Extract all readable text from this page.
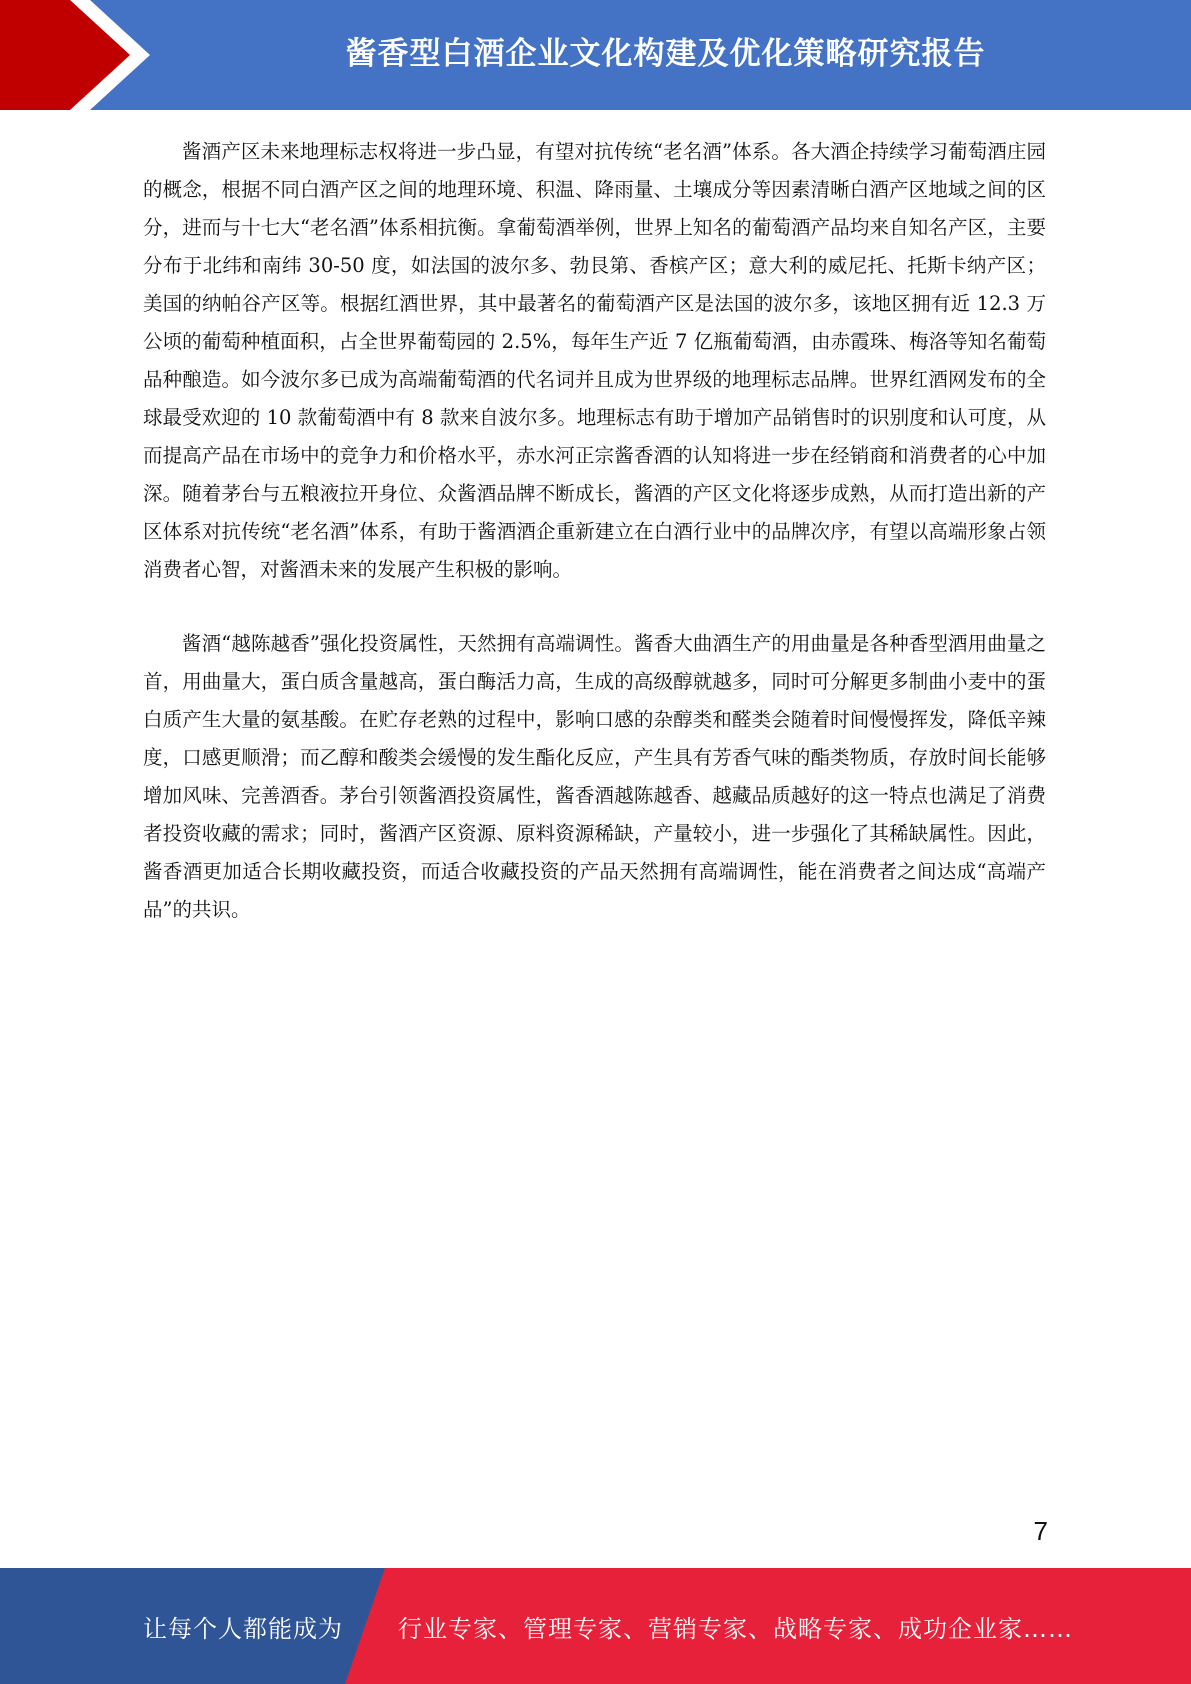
酱香型白酒企业文化构建及优化策略研究报告

酱酒产区未来地理标志权将进一步凸显，有望对抗传统“老名酒”体系。各大酒企持续学习葡萄酒庄园的概念，根据不同白酒产区之间的地理环境、积温、降雨量、土壤成分等因素清晰白酒产区地域之间的区分，进而与十七大“老名酒”体系相抗衡。拿葡萄酒举例，世界上知名的葡萄酒产品均来自知名产区，主要分布于北纬和南纬 30-50 度，如法国的波尔多、勃艮第、香槟产区；意大利的威尼托、托斯卡纳产区；美国的纳帕谷产区等。根据红酒世界，其中最著名的葡萄酒产区是法国的波尔多，该地区拥有近 12.3 万公顷的葡萄种植面积，占全世界葡萄园的 2.5%，每年生产近 7 亿瓶葡萄酒，由赤霞珠、梅洛等知名葡萄品种酿造。如今波尔多已成为高端葡萄酒的代名词并且成为世界级的地理标志品牌。世界红酒网发布的全球最受欢迎的 10 款葡萄酒中有 8 款来自波尔多。地理标志有助于增加产品销售时的识别度和认可度，从而提高产品在市场中的竞争力和价格水平，赤水河正宗酱香酒的认知将进一步在经销商和消费者的心中加深。随着茅台与五粮液拉开身位、众酱酒品牌不断成长，酱酒的产区文化将逐步成熟，从而打造出新的产区体系对抗传统“老名酒”体系，有助于酱酒酒企重新建立在白酒行业中的品牌次序，有望以高端形象占领消费者心智，对酱酒未来的发展产生积极的影响。

酱酒“越陈越香”强化投资属性，天然拥有高端调性。酱香大曲酒生产的用曲量是各种香型酒用曲量之首，用曲量大，蛋白质含量越高，蛋白酶活力高，生成的高级醇就越多，同时可分解更多制曲小麦中的蛋白质产生大量的氨基酸。在贮存老熟的过程中，影响口感的杂醇类和醛类会随着时间慢慢挥发，降低辛辣度，口感更顺滑；而乙醇和酸类会缓慢的发生酯化反应，产生具有芳香气味的酯类物质，存放时间长能够增加风味、完善酒香。茅台引领酱酒投资属性，酱香酒越陈越香、越藏品质越好的这一特点也满足了消费者投资收藏的需求；同时，酱酒产区资源、原料资源稀缺，产量较小，进一步强化了其稀缺属性。因此，酱香酒更加适合长期收藏投资，而适合收藏投资的产品天然拥有高端调性，能在消费者之间达成“高端产品”的共识。

7
让每个人都能成为 行业专家、管理专家、营销专家、战略专家、成功企业家……
